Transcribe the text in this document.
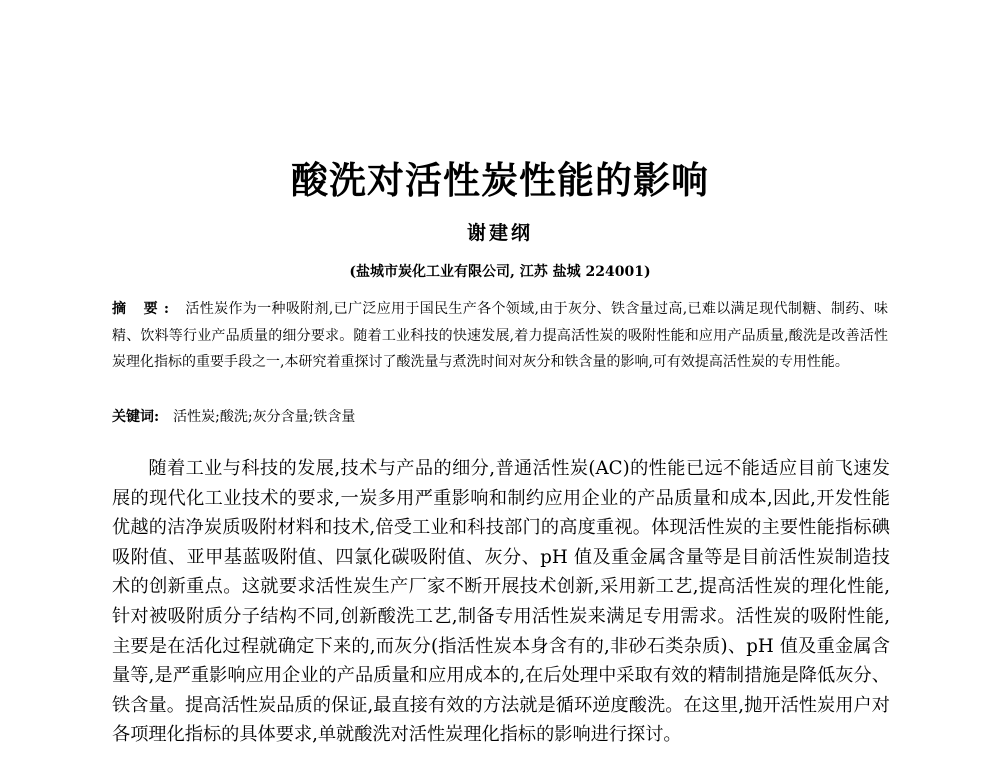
酸洗对活性炭性能的影响
谢建纲
(盐城市炭化工业有限公司, 江苏 盐城 224001)
摘 要: 活性炭作为一种吸附剂,已广泛应用于国民生产各个领域,由于灰分、铁含量过高,已难以满足现代制糖、制药、味精、饮料等行业产品质量的细分要求。随着工业科技的快速发展,着力提高活性炭的吸附性能和应用产品质量,酸洗是改善活性炭理化指标的重要手段之一,本研究着重探讨了酸洗量与煮洗时间对灰分和铁含量的影响,可有效提高活性炭的专用性能。
关键词: 活性炭;酸洗;灰分含量;铁含量
随着工业与科技的发展,技术与产品的细分,普通活性炭(AC)的性能已远不能适应目前飞速发展的现代化工业技术的要求,一炭多用严重影响和制约应用企业的产品质量和成本,因此,开发性能优越的洁净炭质吸附材料和技术,倍受工业和科技部门的高度重视。体现活性炭的主要性能指标碘吸附值、亚甲基蓝吸附值、四氯化碳吸附值、灰分、pH 值及重金属含量等是目前活性炭制造技术的创新重点。这就要求活性炭生产厂家不断开展技术创新,采用新工艺,提高活性炭的理化性能,针对被吸附质分子结构不同,创新酸洗工艺,制备专用活性炭来满足专用需求。活性炭的吸附性能,主要是在活化过程就确定下来的,而灰分(指活性炭本身含有的,非砂石类杂质)、pH 值及重金属含量等,是严重影响应用企业的产品质量和应用成本的,在后处理中采取有效的精制措施是降低灰分、铁含量。提高活性炭品质的保证,最直接有效的方法就是循环逆度酸洗。在这里,抛开活性炭用户对各项理化指标的具体要求,单就酸洗对活性炭理化指标的影响进行探讨。
